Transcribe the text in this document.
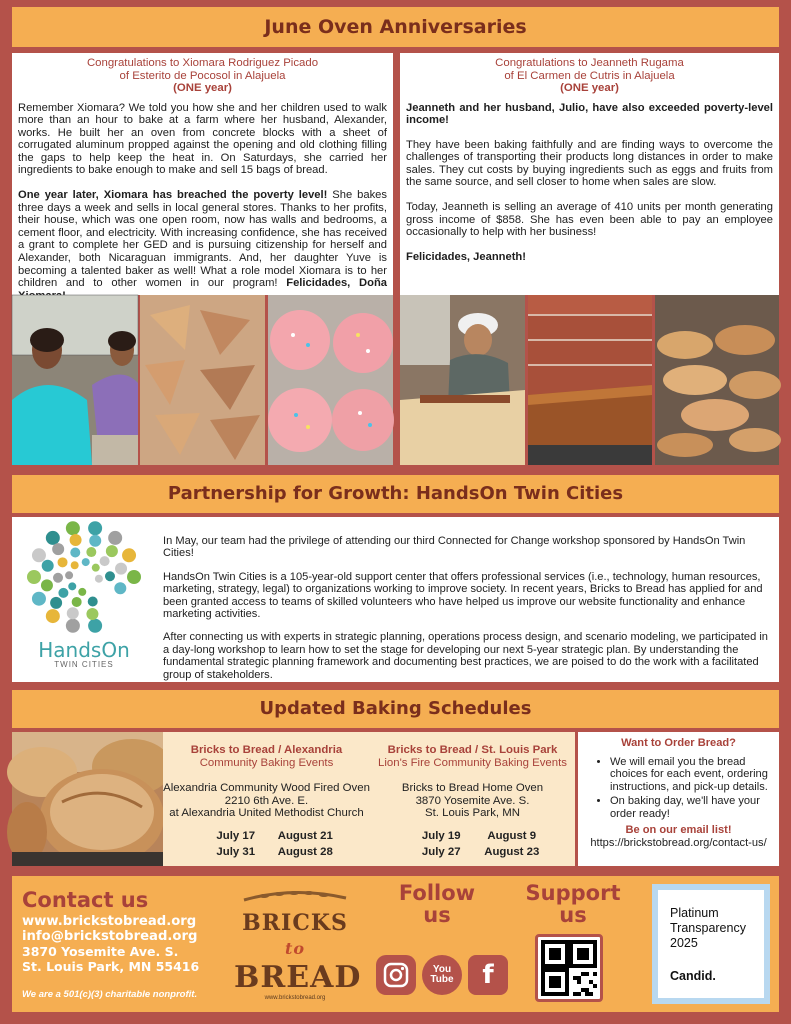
June Oven Anniversaries
Congratulations to Xiomara Rodriguez Picado
of Esterito de Pocosol in Alajuela
(ONE year)

Remember Xiomara? We told you how she and her children used to walk more than an hour to bake at a farm where her husband, Alexander, works. He built her an oven from concrete blocks with a sheet of corrugated aluminum propped against the opening and old clothing filling the gaps to help keep the heat in. On Saturdays, she carried her ingredients to bake enough to make and sell 15 bags of bread.

One year later, Xiomara has breached the poverty level! She bakes three days a week and sells in local general stores. Thanks to her profits, their house, which was one open room, now has walls and bedrooms, a cement floor, and electricity. With increasing confidence, she has received a grant to complete her GED and is pursuing citizenship for herself and Alexander, both Nicaraguan immigrants. And, her daughter Yuve is becoming a talented baker as well! What a role model Xiomara is to her children and to other women in our program! Felicidades, Doña

Congratulations to Jeanneth Rugama
of El Carmen de Cutris in Alajuela
(ONE year)

Jeanneth and her husband, Julio, have also exceeded poverty-level income!

They have been baking faithfully and are finding ways to overcome the challenges of transporting their products long distances in order to make sales. They cut costs by buying ingredients such as eggs and fruits from the same source, and sell closer to home when sales are slow.

Today, Jeanneth is selling an average of 410 units per month generating gross income of $858. She has even been able to pay an employee occasionally to help with her business!

Felicidades, Jeanneth!

Partnership for Growth: HandsOn Twin Cities
HandsOn
TWIN CITIES

In May, our team had the privilege of attending our third Connected for Change workshop sponsored by HandsOn Twin Cities!

HandsOn Twin Cities is a 105-year-old support center that offers professional services (i.e., technology, human resources, marketing, strategy, legal) to organizations working to improve society. In recent years, Bricks to Bread has applied for and been granted access to teams of skilled volunteers who have helped us improve our website functionality and enhance marketing activities.

After connecting us with experts in strategic planning, operations process design, and scenario modeling, we participated in a day-long workshop to learn how to set the stage for developing our next 5-year strategic plan. By understanding the fundamental strategic planning framework and documenting best practices, we are poised to do the work with a facilitated group of stakeholders.

Updated Baking Schedules
Bricks to Bread / Alexandria
Community Baking Events
Alexandria Community Wood Fired Oven
2210 6th Ave. E.
at Alexandria United Methodist Church
July 17	August 21
July 31	August 28
Bricks to Bread / St. Louis Park
Lion's Fire Community Baking Events
Bricks to Bread Home Oven
3870 Yosemite Ave. S.
St. Louis Park, MN
July 19	August 9
July 27	August 23
Want to Order Bread?
• We will email you the bread choices for each event, ordering instructions, and pick-up details.
• On baking day, we'll have your order ready!
Be on our email list!
https://brickstobread.org/contact-us/
Contact us
www.brickstobread.org
info@brickstobread.org
3870 Yosemite Ave. S.
St. Louis Park, MN 55416
We are a 501(c)(3) charitable nonprofit.
BRICKS to
BREAD
www.brickstobread.org
Follow
us
Support
us	Platinum
Transparency
2025
Candid.
You Tube f
